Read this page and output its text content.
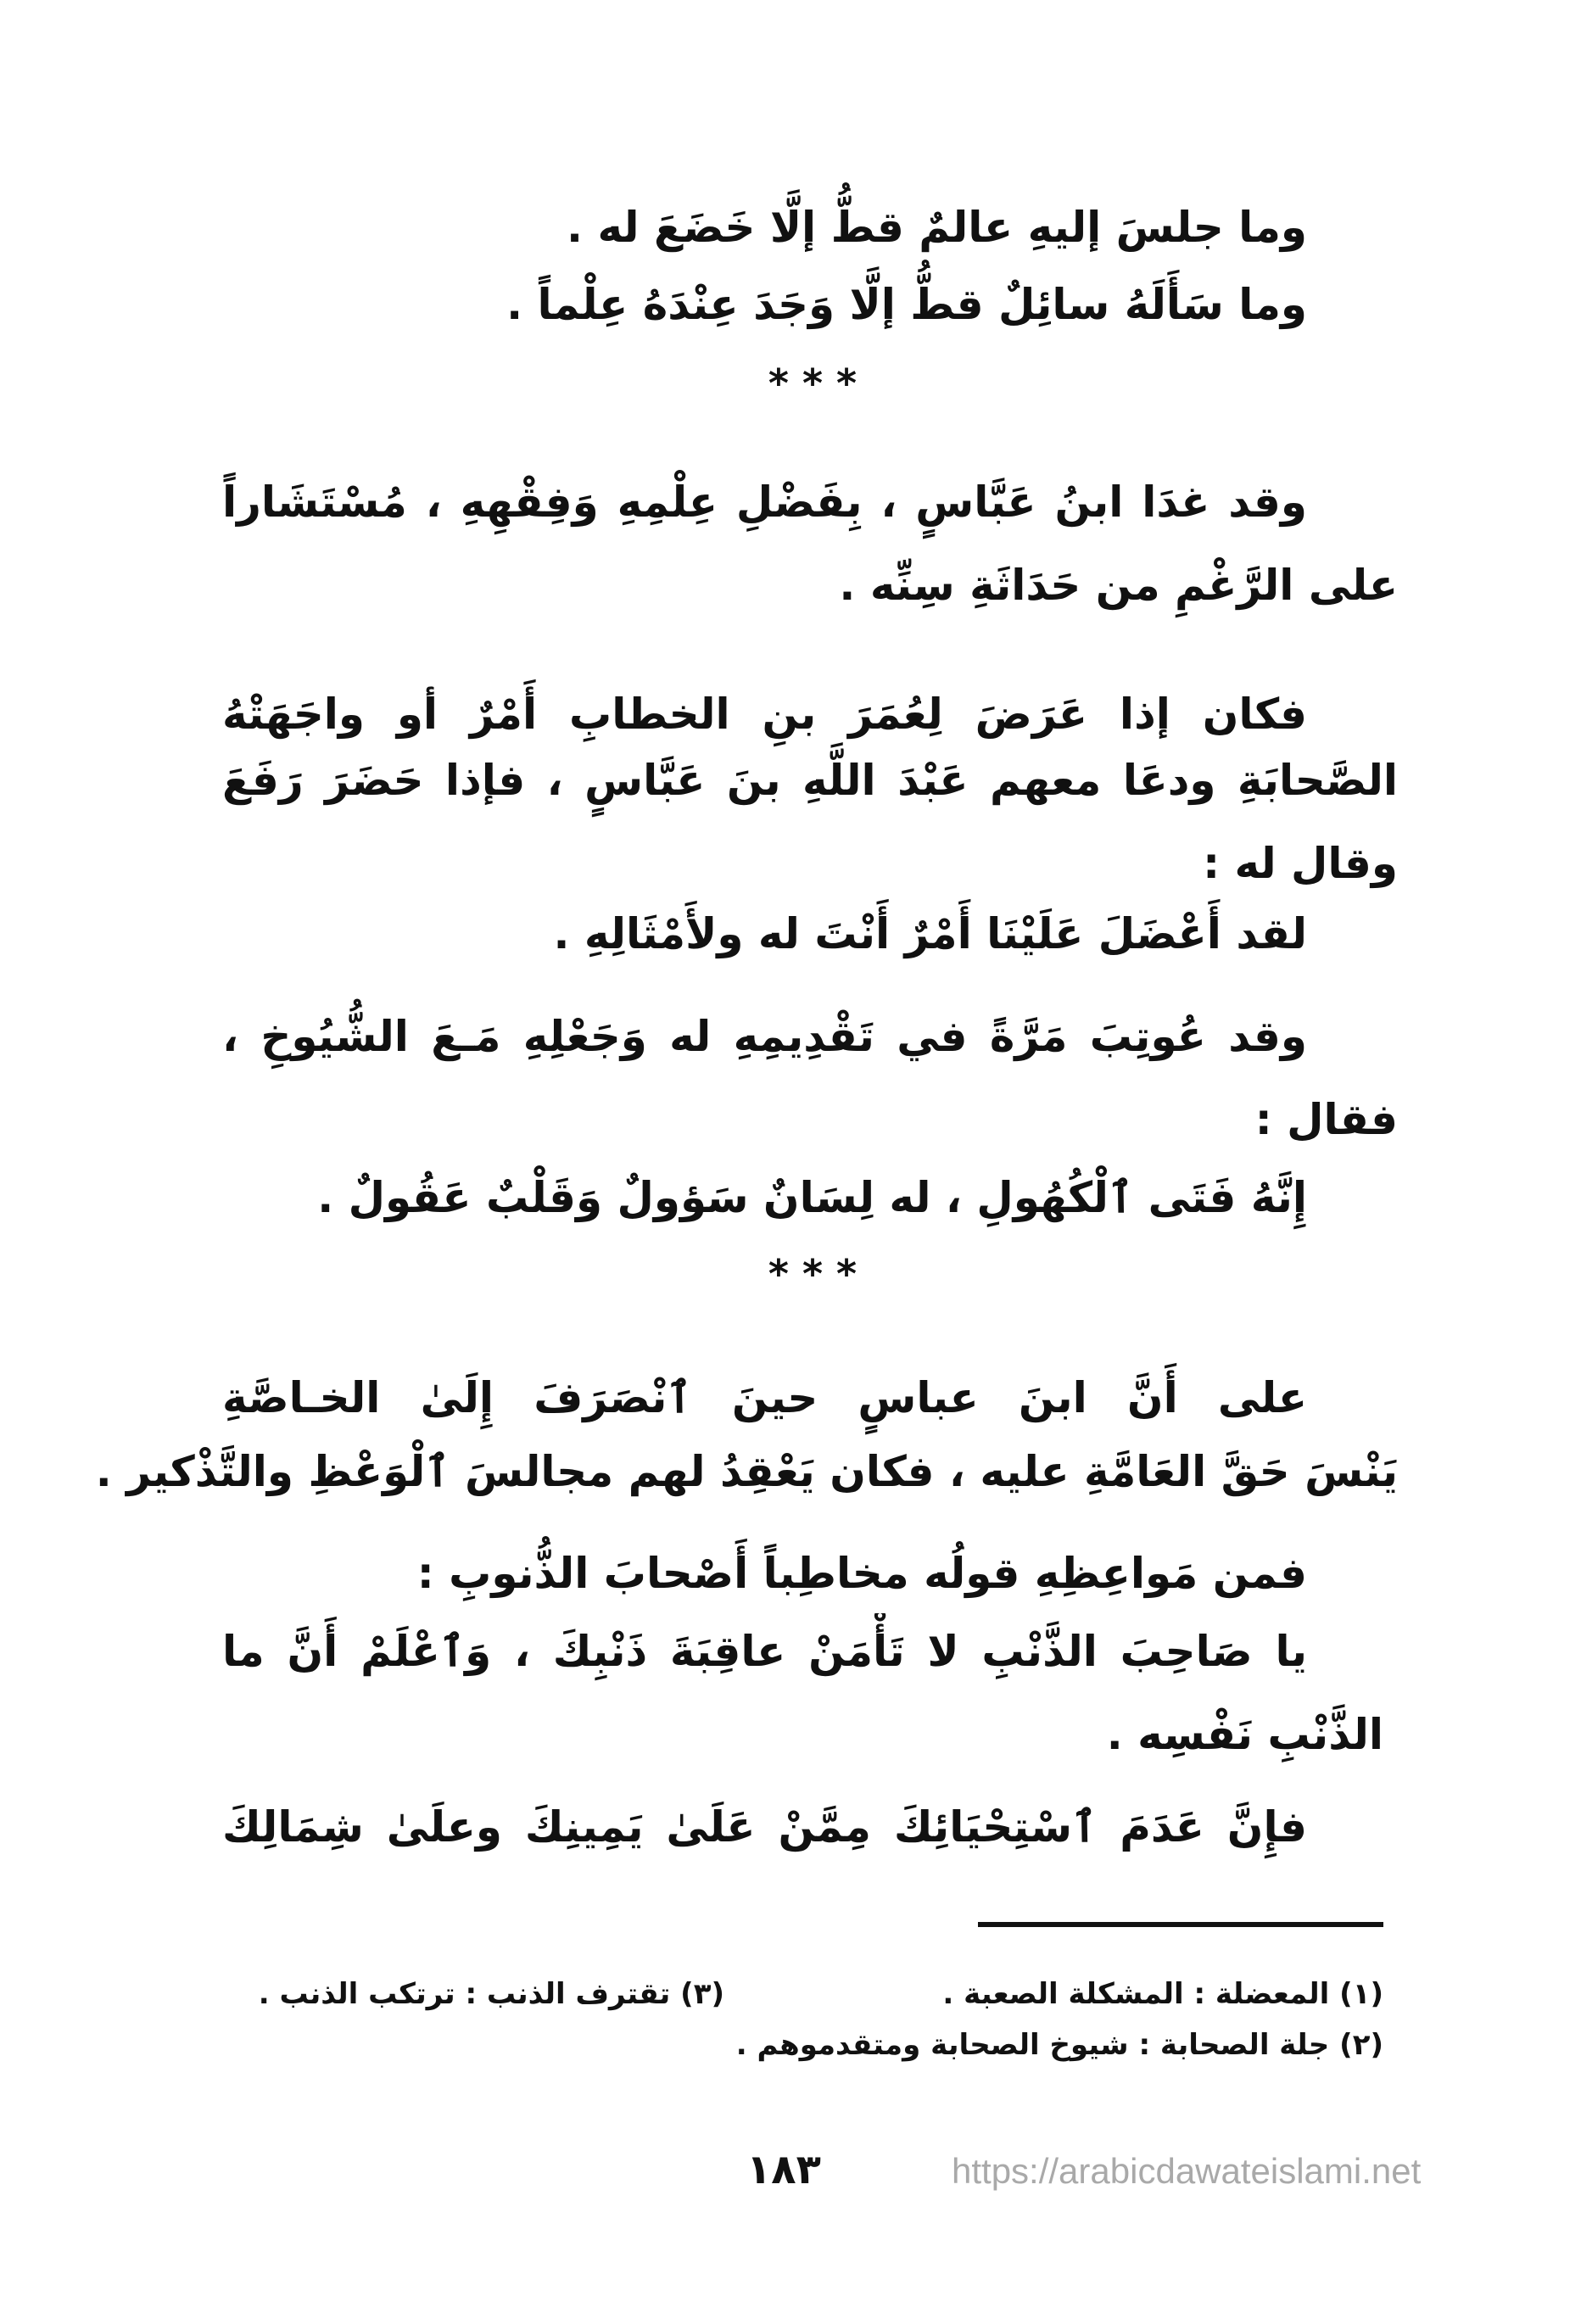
وما جلسَ إليهِ عالمٌ قطُّ إلَّا خَضَعَ له .
وما سَأَلَهُ سائِلٌ قطُّ إلَّا وَجَدَ عِنْدَهُ عِلْماً .
* * *
وقد غدَا ابنُ عَبَّاسٍ ، بِفَضْلِ عِلْمِهِ وَفِقْهِهِ ، مُسْتَشَاراً
على الرَّغْمِ من حَدَاثَةِ سِنِّه .
فكان إذا عَرَضَ لِعُمَرَ بنِ الخطابِ أَمْرٌ أو واجَهَتْهُ
الصَّحابَةِ ودعَا معهم عَبْدَ اللَّهِ بنَ عَبَّاسٍ ، فإذا حَضَرَ رَفَعَ
وقال له :
لقد أَعْضَلَ عَلَيْنَا أَمْرٌ أَنْتَ له ولأَمْثَالِهِ .
وقد عُوتِبَ مَرَّةً في تَقْدِيمِهِ له وَجَعْلِهِ مَـعَ الشُّيُوخِ ،
فقال :
إِنَّهُ فَتَى ٱلْكُهُولِ ، له لِسَانٌ سَؤولٌ وَقَلْبٌ عَقُولٌ .
* * *
على أَنَّ ابنَ عباسٍ حينَ ٱنْصَرَفَ إِلَىٰ الخـاصَّةِ
يَنْسَ حَقَّ العَامَّةِ عليه ، فكان يَعْقِدُ لهم مجالسَ ٱلْوَعْظِ والتَّذْكير .
فمن مَواعِظِهِ قولُه مخاطِباً أَصْحابَ الذُّنوبِ :
يا صَاحِبَ الذَّنْبِ لا تَأْمَنْ عاقِبَةَ ذَنْبِكَ ، وَٱعْلَمْ أَنَّ ما
الذَّنْبِ نَفْسِه .
فإِنَّ عَدَمَ ٱسْتِحْيَائِكَ مِمَّنْ عَلَىٰ يَمِينِكَ وعلَىٰ شِمَالِكَ
(١) المعضلة : المشكلة الصعبة .
(٢) جلة الصحابة : شيوخ الصحابة ومتقدموهم .
(٣) تقترف الذنب : ترتكب الذنب .
١٨٣	https://arabicdawateislami.net
